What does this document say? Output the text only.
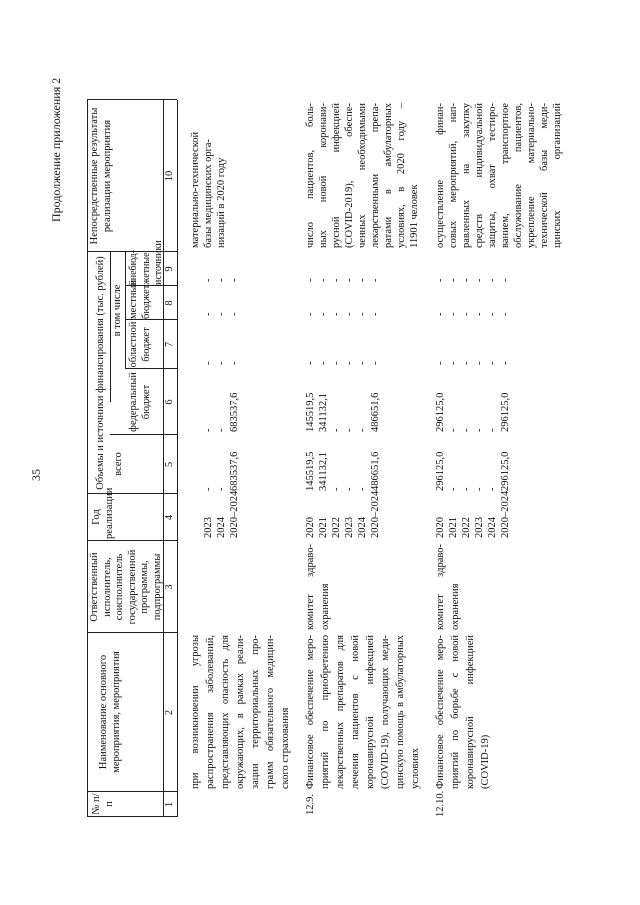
35
Продолжение приложения 2
№ п/п
Наименование основного мероприятия, мероприятия
Ответственный исполнитель, соисполнитель государственной программы, подпрограммы
Год реализации
Объемы и источники финансирования (тыс. рублей) всего
в том числе
федеральный бюджет
областной бюджет
местный бюджет
внебюд-жетные источники
Непосредственные результаты реализации мероприятия
1
2
3
4
5
6
7
8
9
10
при возникновении угрозы распространения заболеваний, представляющих опасность для окружающих, в рамках реали- зации территориальных про- грамм обязательного медицин- ского страхования
2023 2024 2020–2024
- - 683537,6
- - 683537,6
- - -
- - -
- - -
материально-технической базы медицинских орга- низаций в 2020 году
12.9.
Финансовое обеспечение меро- приятий по приобретению лекарственных препаратов для лечения пациентов с новой коронавирусной инфекцией (COVID-19), получающих меди- цинскую помощь в амбулаторных условиях
комитет здраво- охранения
2020 2021 2022 2023 2024 2020–2024
145519,5 341132,1 - - - 486651,6
145519,5 341132,1 - - - 486651,6
- - - - - -
- - - - - -
- - - - - -
число пациентов, боль- ных новой коронави- русной инфекцией (COVID-2019), обеспе- ченных необходимыми лекарственными препа- ратами в амбулаторных условиях, в 2020 году – 11901 человек
12.10.
Финансовое обеспечение меро- приятий по борьбе с новой коронавирусной инфекцией (COVID-19)
комитет здраво- охранения
2020 2021 2022 2023 2024 2020–2024
296125,0 - - - - 296125,0
296125,0 - - - - 296125,0
- - - - - -
- - - - - -
- - - - - -
осуществление финан- совых мероприятий, нап- равленных на закупку средств индивидуальной защиты, охват тестиро- ванием, транспортное обслуживание пациентов, укрепление материально- технической базы меди- цинских организаций
